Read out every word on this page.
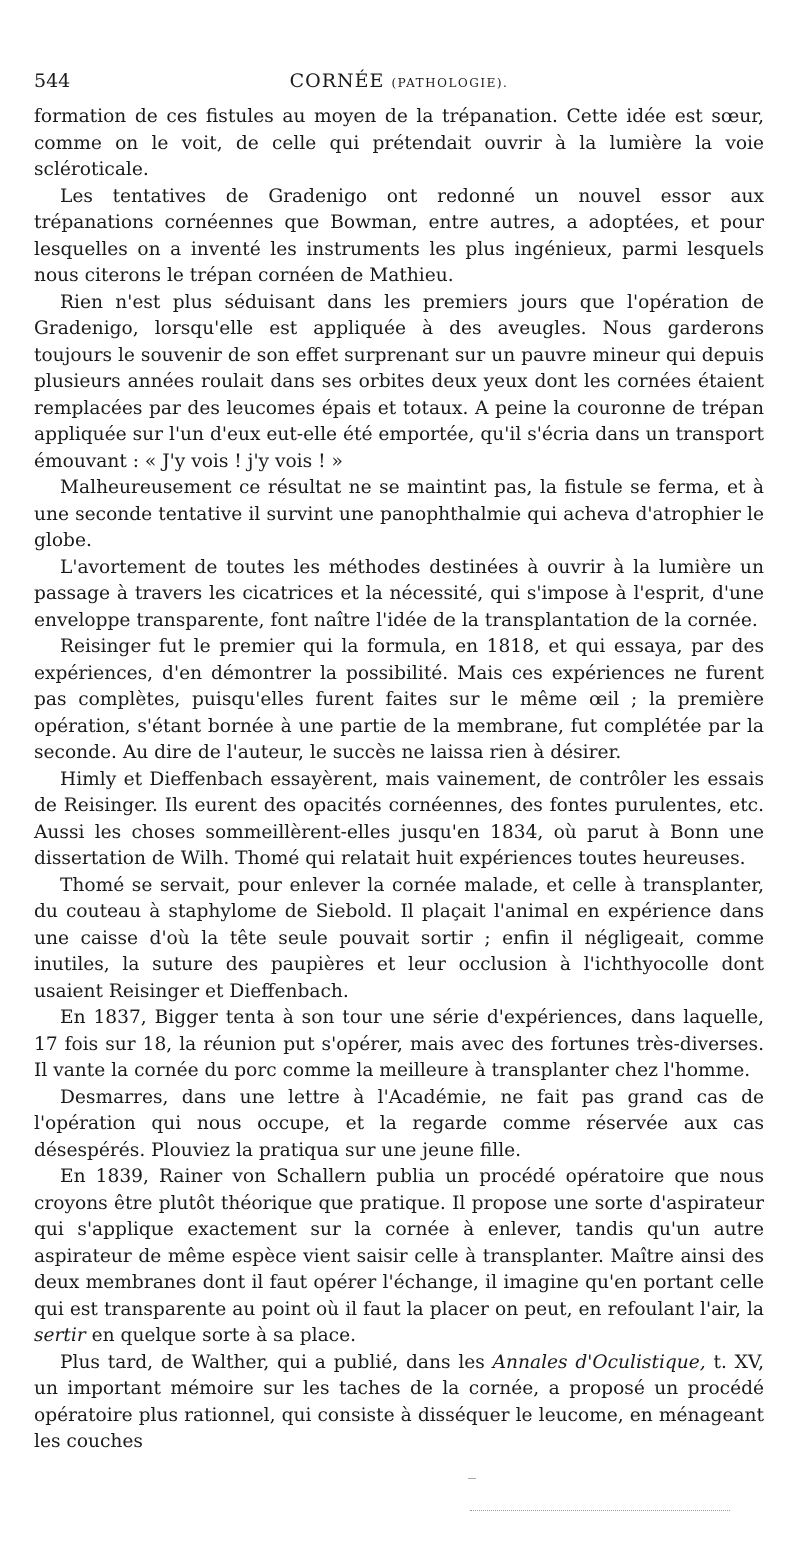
544	CORNÉE (PATHOLOGIE).

formation de ces fistules au moyen de la trépanation. Cette idée est sœur, comme on le voit, de celle qui prétendait ouvrir à la lumière la voie scléroticale.

Les tentatives de Gradenigo ont redonné un nouvel essor aux trépanations cornéennes que Bowman, entre autres, a adoptées, et pour lesquelles on a inventé les instruments les plus ingénieux, parmi lesquels nous citerons le trépan cornéen de Mathieu.

Rien n'est plus séduisant dans les premiers jours que l'opération de Gradenigo, lorsqu'elle est appliquée à des aveugles. Nous garderons toujours le souvenir de son effet surprenant sur un pauvre mineur qui depuis plusieurs années roulait dans ses orbites deux yeux dont les cornées étaient remplacées par des leucomes épais et totaux. A peine la couronne de trépan appliquée sur l'un d'eux eut-elle été emportée, qu'il s'écria dans un transport émouvant : « J'y vois ! j'y vois ! »

Malheureusement ce résultat ne se maintint pas, la fistule se ferma, et à une seconde tentative il survint une panophthalmie qui acheva d'atrophier le globe.

L'avortement de toutes les méthodes destinées à ouvrir à la lumière un passage à travers les cicatrices et la nécessité, qui s'impose à l'esprit, d'une enveloppe transparente, font naître l'idée de la transplantation de la cornée.

Reisinger fut le premier qui la formula, en 1818, et qui essaya, par des expériences, d'en démontrer la possibilité. Mais ces expériences ne furent pas complètes, puisqu'elles furent faites sur le même œil ; la première opération, s'étant bornée à une partie de la membrane, fut complétée par la seconde. Au dire de l'auteur, le succès ne laissa rien à désirer.

Himly et Dieffenbach essayèrent, mais vainement, de contrôler les essais de Reisinger. Ils eurent des opacités cornéennes, des fontes purulentes, etc. Aussi les choses sommeillèrent-elles jusqu'en 1834, où parut à Bonn une dissertation de Wilh. Thomé qui relatait huit expériences toutes heureuses.

Thomé se servait, pour enlever la cornée malade, et celle à transplanter, du couteau à staphylome de Siebold. Il plaçait l'animal en expérience dans une caisse d'où la tête seule pouvait sortir ; enfin il négligeait, comme inutiles, la suture des paupières et leur occlusion à l'ichthyocolle dont usaient Reisinger et Dieffenbach.

En 1837, Bigger tenta à son tour une série d'expériences, dans laquelle, 17 fois sur 18, la réunion put s'opérer, mais avec des fortunes très-diverses. Il vante la cornée du porc comme la meilleure à transplanter chez l'homme.

Desmarres, dans une lettre à l'Académie, ne fait pas grand cas de l'opération qui nous occupe, et la regarde comme réservée aux cas désespérés. Plouviez la pratiqua sur une jeune fille.

En 1839, Rainer von Schallern publia un procédé opératoire que nous croyons être plutôt théorique que pratique. Il propose une sorte d'aspirateur qui s'applique exactement sur la cornée à enlever, tandis qu'un autre aspirateur de même espèce vient saisir celle à transplanter. Maître ainsi des deux membranes dont il faut opérer l'échange, il imagine qu'en portant celle qui est transparente au point où il faut la placer on peut, en refoulant l'air, la sertir en quelque sorte à sa place.

Plus tard, de Walther, qui a publié, dans les Annales d'Oculistique, t. XV, un important mémoire sur les taches de la cornée, a proposé un procédé opératoire plus rationnel, qui consiste à disséquer le leucome, en ménageant les couches
